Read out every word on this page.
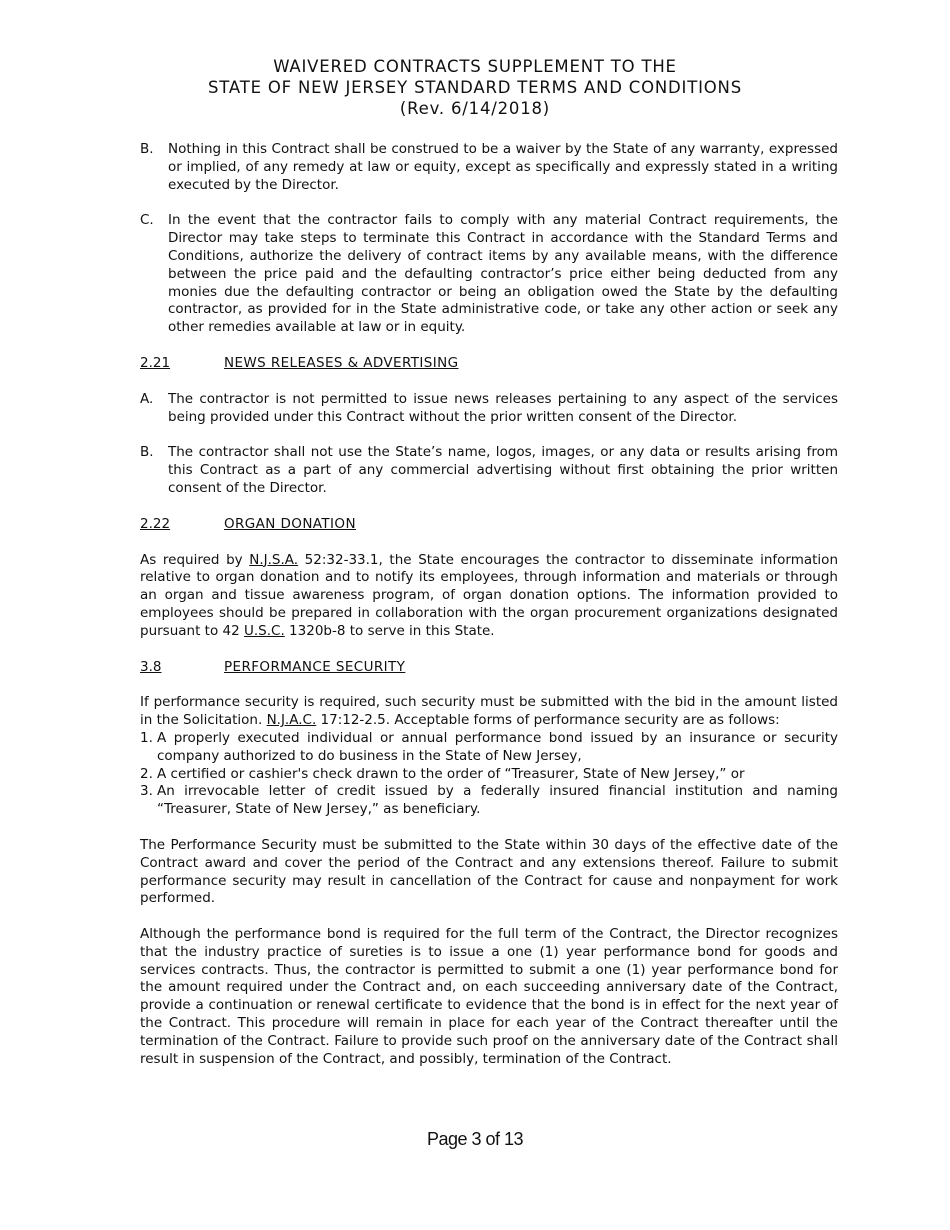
WAIVERED CONTRACTS SUPPLEMENT TO THE
STATE OF NEW JERSEY STANDARD TERMS AND CONDITIONS
(Rev. 6/14/2018)
B.	Nothing in this Contract shall be construed to be a waiver by the State of any warranty, expressed or implied, of any remedy at law or equity, except as specifically and expressly stated in a writing executed by the Director.
C.	In the event that the contractor fails to comply with any material Contract requirements, the Director may take steps to terminate this Contract in accordance with the Standard Terms and Conditions, authorize the delivery of contract items by any available means, with the difference between the price paid and the defaulting contractor’s price either being deducted from any monies due the defaulting contractor or being an obligation owed the State by the defaulting contractor, as provided for in the State administrative code, or take any other action or seek any other remedies available at law or in equity.
2.21	NEWS RELEASES & ADVERTISING
A.	The contractor is not permitted to issue news releases pertaining to any aspect of the services being provided under this Contract without the prior written consent of the Director.
B.	The contractor shall not use the State’s name, logos, images, or any data or results arising from this Contract as a part of any commercial advertising without first obtaining the prior written consent of the Director.
2.22	ORGAN DONATION
As required by N.J.S.A. 52:32-33.1, the State encourages the contractor to disseminate information relative to organ donation and to notify its employees, through information and materials or through an organ and tissue awareness program, of organ donation options. The information provided to employees should be prepared in collaboration with the organ procurement organizations designated pursuant to 42 U.S.C. 1320b-8 to serve in this State.
3.8	PERFORMANCE SECURITY
If performance security is required, such security must be submitted with the bid in the amount listed in the Solicitation. N.J.A.C. 17:12-2.5. Acceptable forms of performance security are as follows:
1. A properly executed individual or annual performance bond issued by an insurance or security company authorized to do business in the State of New Jersey,
2. A certified or cashier's check drawn to the order of “Treasurer, State of New Jersey,” or
3. An irrevocable letter of credit issued by a federally insured financial institution and naming “Treasurer, State of New Jersey,” as beneficiary.
The Performance Security must be submitted to the State within 30 days of the effective date of the Contract award and cover the period of the Contract and any extensions thereof. Failure to submit performance security may result in cancellation of the Contract for cause and nonpayment for work performed.
Although the performance bond is required for the full term of the Contract, the Director recognizes that the industry practice of sureties is to issue a one (1) year performance bond for goods and services contracts. Thus, the contractor is permitted to submit a one (1) year performance bond for the amount required under the Contract and, on each succeeding anniversary date of the Contract, provide a continuation or renewal certificate to evidence that the bond is in effect for the next year of the Contract. This procedure will remain in place for each year of the Contract thereafter until the termination of the Contract. Failure to provide such proof on the anniversary date of the Contract shall result in suspension of the Contract, and possibly, termination of the Contract.
Page 3 of 13
